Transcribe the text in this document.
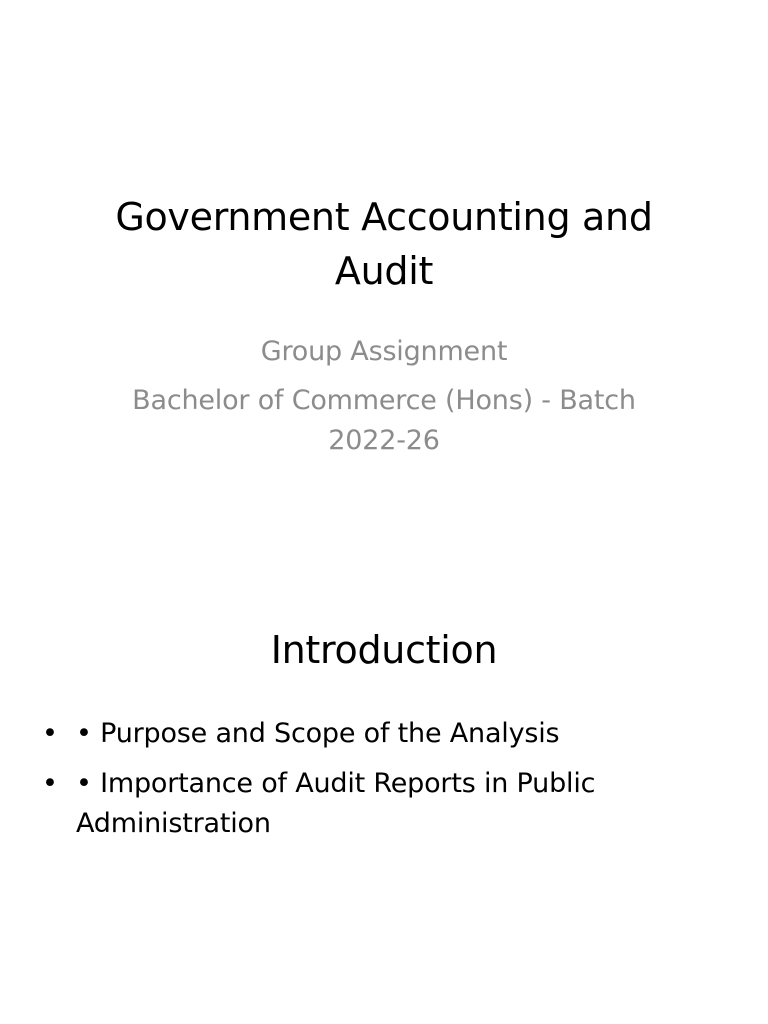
Government Accounting and
Audit
Group Assignment
Bachelor of Commerce (Hons) - Batch
2022-26
Introduction
• • Purpose and Scope of the Analysis
• • Importance of Audit Reports in Public
Administration
